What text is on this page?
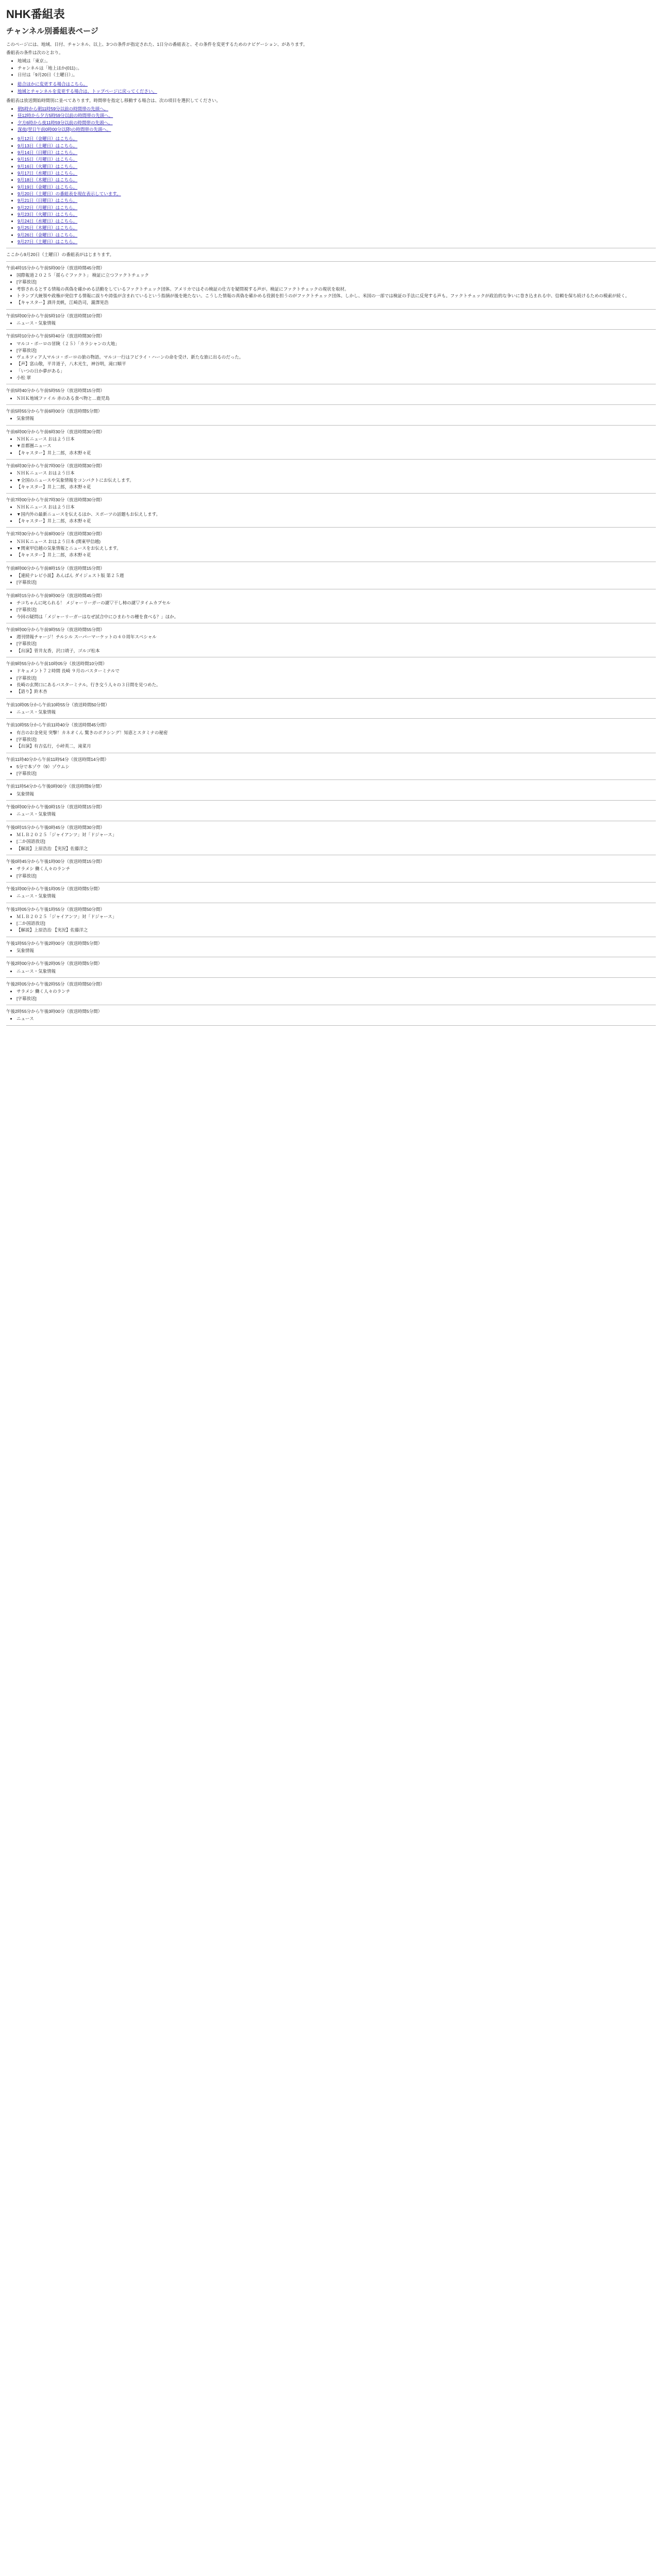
NHK番組表
チャンネル別番組表ページ

このページには、地域、日付、チャンネル、以上、3つの条件が指定された、1日分の番組表と、その条件を変更するためのナビゲーション、があります。

番組表の条件は次のとおり。

• 地域は「東京」。
• チャンネルは「地上ほか(011)」。
• 日付は「9月20日（土曜日）」。
• 総合ほかに変更する場合はこちら。
• 地域とチャンネルを変更する場合は、トップページに戻ってください。

番組表は放送開始時間別に並べてあります。時間帯を指定し移動する場合は、次の項目を選択してください。

• 朝5時から朝11時59分以前の時間帯の先頭へ。
• 昼12時から夕方5時59分以前の時間帯の先頭へ。
• 夕方6時から夜11時59分以前の時間帯の先頭へ。
• 深夜(翌日午前0時00分以降)の時間帯の先頭へ。
• 9月12日（金曜日）はこちら。
• 9月13日（土曜日）はこちら。
• 9月14日（日曜日）はこちら。
• 9月15日（月曜日）はこちら。
• 9月16日（火曜日）はこちら。
• 9月17日（水曜日）はこちら。
• 9月18日（木曜日）はこちら。
• 9月19日（金曜日）はこちら。
• 9月20日（土曜日）の番組表を現在表示しています。
• 9月21日（日曜日）はこちら。
• 9月22日（月曜日）はこちら。
• 9月23日（火曜日）はこちら。
• 9月24日（水曜日）はこちら。
• 9月25日（木曜日）はこちら。
• 9月26日（金曜日）はこちら。
• 9月27日（土曜日）はこちら。

ここから9月20日（土曜日）の番組表がはじまります。

午前4時15分から午前5時00分（放送時間45分間）

• 国際報道２０２５「揺らぐファクト」 検証に立つファクトチェック
• [字幕放送]
• 考察されるとする情報の真偽を確かめる活動をしているファクトチェック団体。アメリカではその検証の仕方を疑問視する声が。検証にファクトチェックの現状を取材。
• トランプ大統領や政権が発信する情報に誤りや誇張が含まれているという指摘が後を絶たない。こうした情報の真偽を確かめる役割を担うのがファクトチェック団体。しかし、米国の一部では検証の手法に反発する声も。ファクトチェックが政治的な争いに巻き込まれる中、信頼を保ち続けるための模索が続く。
• 【キャスター】酒井美帆，江崎浩司，瀧澤晃浩

午前5時00分から午前5時10分（放送時間10分間）

• ニュース・気象情報

午前5時10分から午前5時40分（放送時間30分間）

• マルコ・ポーロの冒険（２５）「カラシャンの大地」
• [字幕放送]
• ヴェネツィア人マルコ・ポーロの旅の物語。マルコ一行はフビライ・ハーンの命を受け、新たな旅に出るのだった。
• 【声】富山敬，平井道子，八木光生，神谷明，滝口順平
• 「いつの日か夢がある」
• 小松 翠

午前5時40分から午前5時55分（放送時間15分間）

• ＮＨＫ地域ファイル 赤のある食べ物と…鹿児島

午前5時55分から午前6時00分（放送時間5分間）

• 気象情報

午前6時00分から午前6時30分（放送時間30分間）

• ＮＨＫニュース おはよう日本
• ▼首都圏ニュース
• 【キャスター】井上二郎，赤木野々花

午前6時30分から午前7時00分（放送時間30分間）

• ＮＨＫニュース おはよう日本
• ▼全国のニュースや気象情報をコンパクトにお伝えします。
• 【キャスター】井上二郎，赤木野々花

午前7時00分から午前7時30分（放送時間30分間）

• ＮＨＫニュース おはよう日本
• ▼国内外の最新ニュースを伝えるほか、スポーツの話題もお伝えします。
• 【キャスター】井上二郎，赤木野々花

午前7時30分から午前8時00分（放送時間30分間）

• ＮＨＫニュース おはよう日本 (関東甲信越)
• ▼関東甲信越の気象情報とニュースをお伝えします。
• 【キャスター】井上二郎，赤木野々花

午前8時00分から午前8時15分（放送時間15分間）

• 【連続テレビ小説】あんぱん ダイジェスト版 第２５週
• [字幕放送]

午前8時15分から午前9時00分（放送時間45分間）

• チコちゃんに叱られる！ メジャーリーガーの謎▽干し柿の謎▽タイムカプセル
• [字幕放送]
• 今回の疑問は「メジャーリーガーはなぜ試合中にひまわりの種を食べる？」ほか。

午前9時00分から午前9時55分（放送時間55分間）

• 週刊情報チャージ！チルシル スーパーマーケットの４０周年スペシャル
• [字幕放送]
• 【出演】菅井友香，沢口靖子，ゴルゴ松本

午前9時55分から午前10時05分（放送時間10分間）

• ドキュメント７２時間 長崎 ９月のバスターミナルで
• [字幕放送]
• 長崎の玄関口にあるバスターミナル。行き交う人々の３日間を見つめた。
• 【語り】鈴木杏

午前10時05分から午前10時55分（放送時間50分間）

• ニュース・気象情報

午前10時55分から午前11時40分（放送時間45分間）

• 有吉のお金発見 突撃！カネオくん 驚きのボクシング！知恵とスタミナの秘密
• [字幕放送]
• 【出演】有吉弘行，小峠英二，滝菜月

午前11時40分から午前11時54分（放送時間14分間）

• 5分で本ゾウ（9）ゾウムシ
• [字幕放送]

午前11時54分から午後0時00分（放送時間6分間）

• 気象情報

午後0時00分から午後0時15分（放送時間15分間）

• ニュース・気象情報

午後0時15分から午後0時45分（放送時間30分間）

• ＭＬＢ２０２５「ジャイアンツ」対「ドジャース」
• [二か国語放送]
• 【解説】上原浩治 【実況】佐藤洋之

午後0時45分から午後1時00分（放送時間15分間）

• サラメシ 働く人々のランチ
• [字幕放送]

午後1時00分から午後1時05分（放送時間5分間）

• ニュース・気象情報

午後1時05分から午後1時55分（放送時間50分間）

• ＭＬＢ２０２５「ジャイアンツ」対「ドジャース」
• [二か国語放送]
• 【解説】上原浩治 【実況】佐藤洋之

午後1時55分から午後2時00分（放送時間5分間）

• 気象情報

午後2時00分から午後2時05分（放送時間5分間）

• ニュース・気象情報

午後2時05分から午後2時55分（放送時間50分間）

• サラメシ 働く人々のランチ
• [字幕放送]

午後2時55分から午後3時00分（放送時間5分間）

• ニュース
